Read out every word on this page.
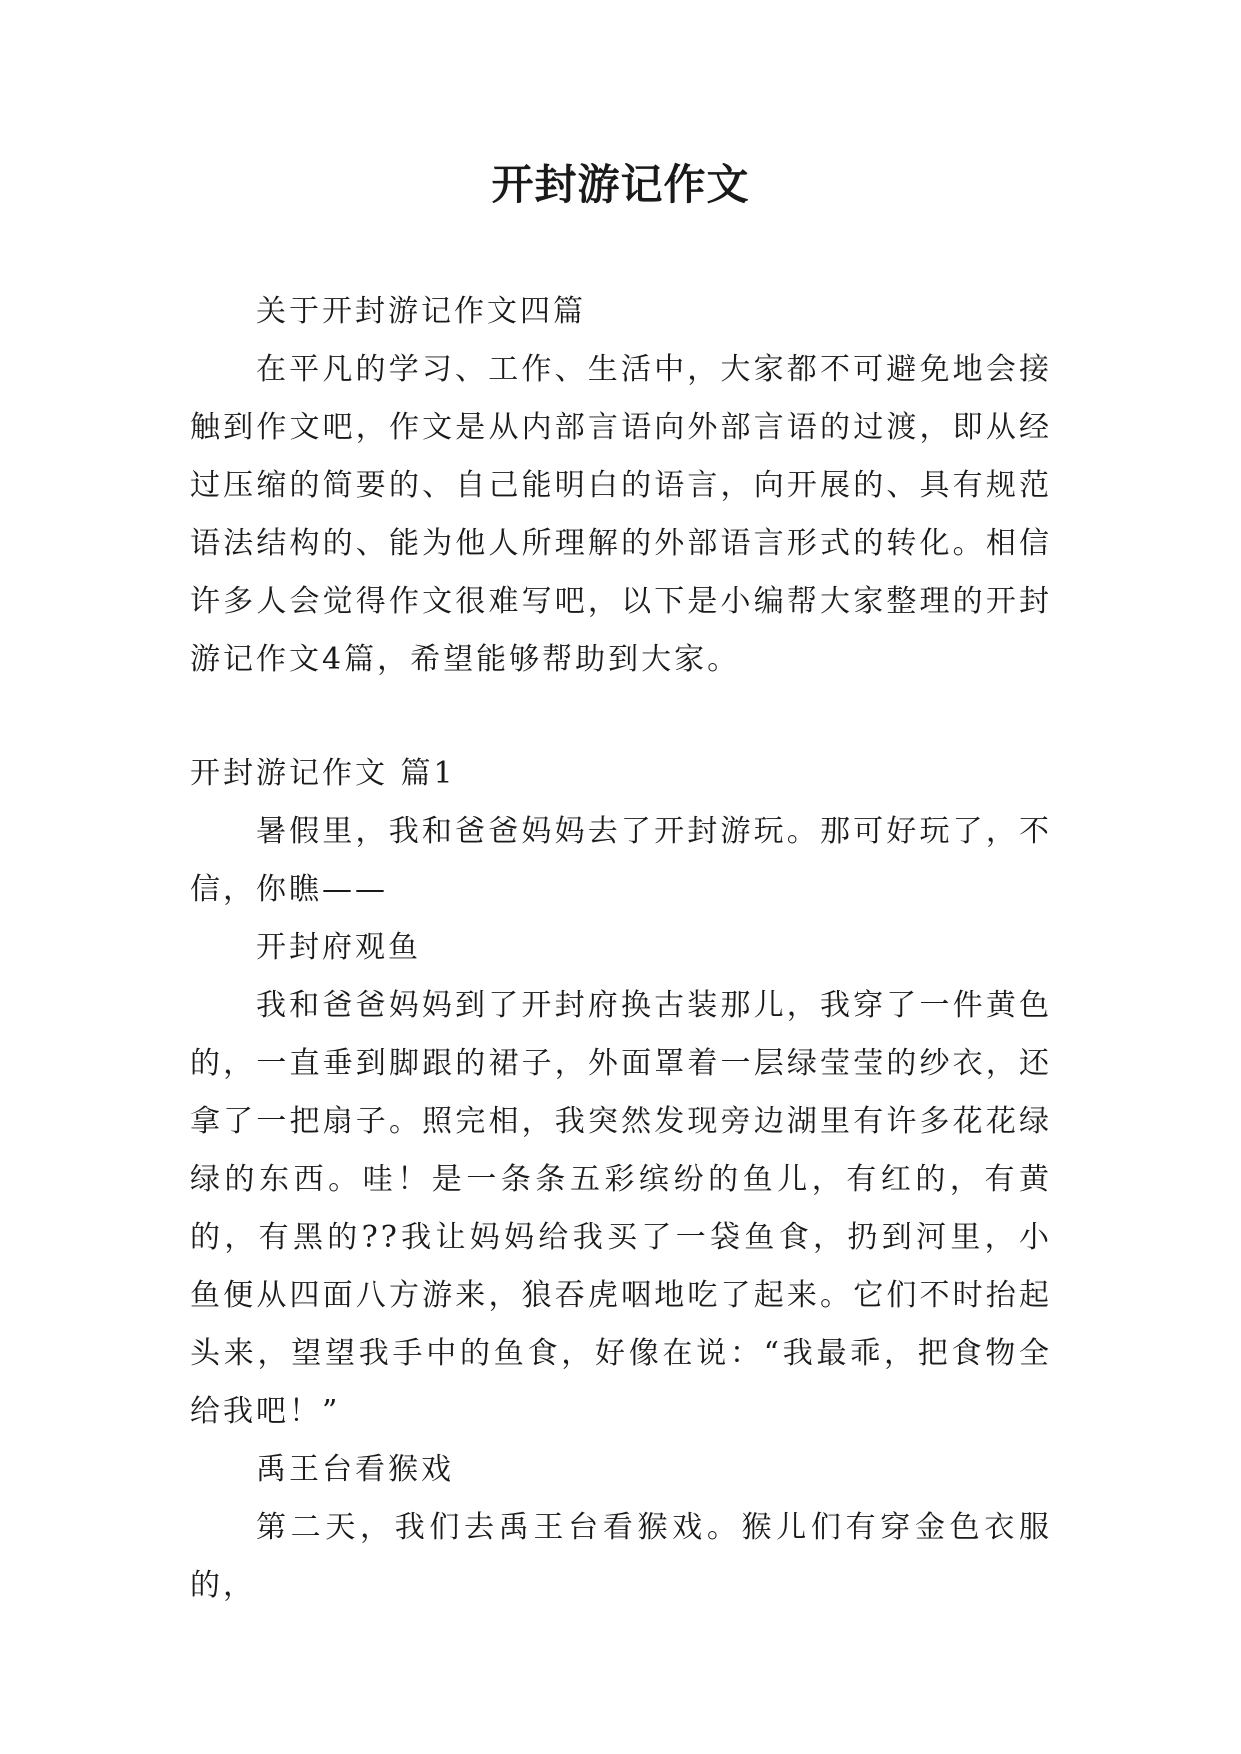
开封游记作文

关于开封游记作文四篇

在平凡的学习、工作、生活中，大家都不可避免地会接触到作文吧，作文是从内部言语向外部言语的过渡，即从经过压缩的简要的、自己能明白的语言，向开展的、具有规范语法结构的、能为他人所理解的外部语言形式的转化。相信许多人会觉得作文很难写吧，以下是小编帮大家整理的开封游记作文4篇，希望能够帮助到大家。

开封游记作文 篇1

暑假里，我和爸爸妈妈去了开封游玩。那可好玩了，不信，你瞧——

开封府观鱼

我和爸爸妈妈到了开封府换古装那儿，我穿了一件黄色的，一直垂到脚跟的裙子，外面罩着一层绿莹莹的纱衣，还拿了一把扇子。照完相，我突然发现旁边湖里有许多花花绿绿的东西。哇！是一条条五彩缤纷的鱼儿，有红的，有黄的，有黑的??我让妈妈给我买了一袋鱼食，扔到河里，小鱼便从四面八方游来，狼吞虎咽地吃了起来。它们不时抬起头来，望望我手中的鱼食，好像在说：“我最乖，把食物全给我吧！”

禹王台看猴戏

第二天，我们去禹王台看猴戏。猴儿们有穿金色衣服的，
